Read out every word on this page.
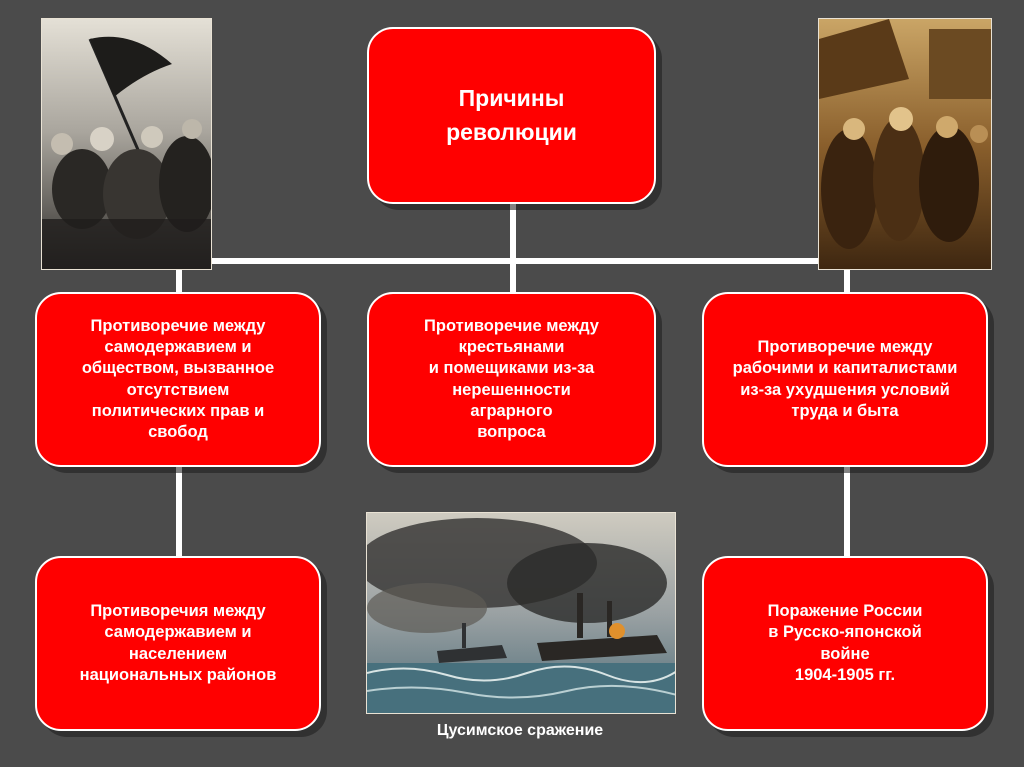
Причины
революции
Противоречие между
самодержавием и
обществом, вызванное
отсутствием
политических прав и
свобод
Противоречие между
крестьянами
и помещиками из-за
нерешенности
аграрного
вопроса
Противоречие между
рабочими и капиталистами
из-за ухудшения условий
труда и быта
Противоречия между
самодержавием и
населением
национальных районов
Поражение России
в Русско-японской
войне
1904-1905 гг.
Цусимское сражение
